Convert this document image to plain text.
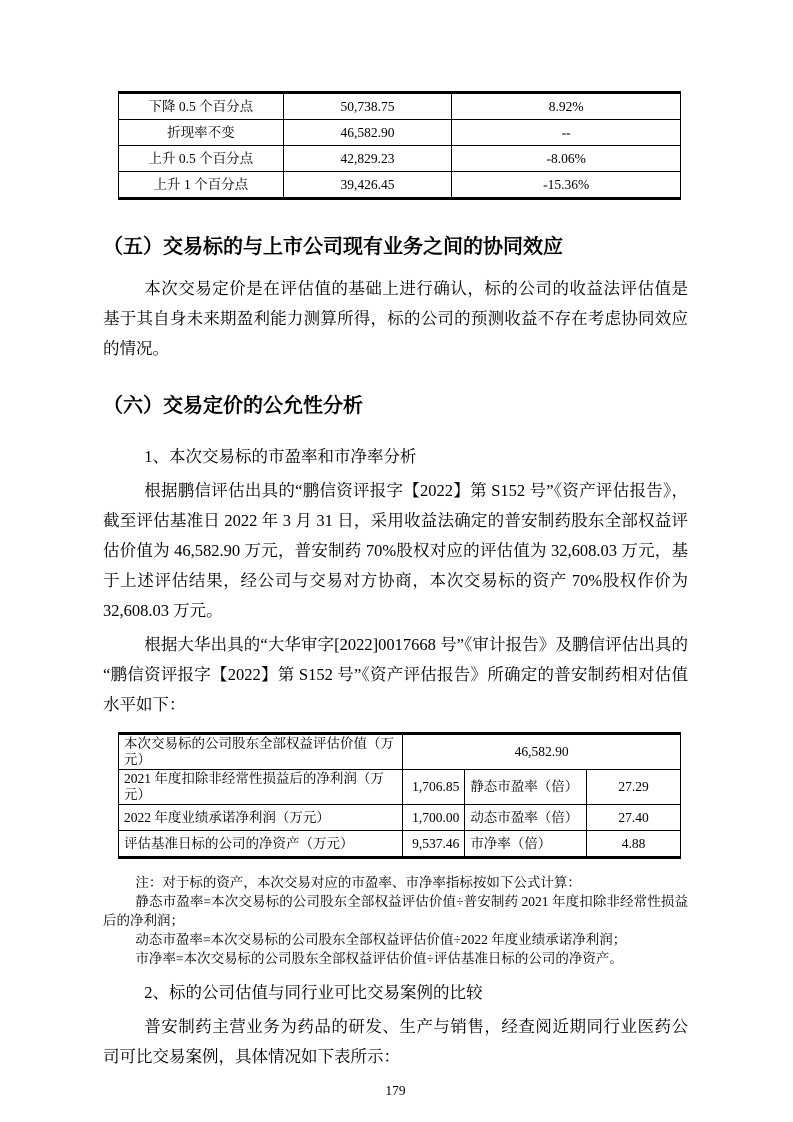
下降 0.5 个百分点	50,738.75	8.92%
折现率不变	46,582.90	--
上升 0.5 个百分点	42,829.23	-8.06%
上升 1 个百分点	39,426.45	-15.36%
（五）交易标的与上市公司现有业务之间的协同效应

本次交易定价是在评估值的基础上进行确认，标的公司的收益法评估值是基于其自身未来期盈利能力测算所得，标的公司的预测收益不存在考虑协同效应的情况。

（六）交易定价的公允性分析

1、本次交易标的市盈率和市净率分析

根据鹏信评估出具的“鹏信资评报字【2022】第 S152 号”《资产评估报告》，截至评估基准日 2022 年 3 月 31 日，采用收益法确定的普安制药股东全部权益评估价值为 46,582.90 万元，普安制药 70%股权对应的评估值为 32,608.03 万元，基于上述评估结果，经公司与交易对方协商，本次交易标的资产 70%股权作价为 32,608.03 万元。

根据大华出具的“大华审字[2022]0017668 号”《审计报告》及鹏信评估出具的“鹏信资评报字【2022】第 S152 号”《资产评估报告》所确定的普安制药相对估值水平如下：

本次交易标的公司股东全部权益评估价值（万元）	46,582.90		
2021 年度扣除非经常性损益后的净利润（万元）	1,706.85	静态市盈率（倍）	27.29
2022 年度业绩承诺净利润（万元）	1,700.00	动态市盈率（倍）	27.40
评估基准日标的公司的净资产（万元）	9,537.46	市净率（倍）	4.88

注：对于标的资产，本次交易对应的市盈率、市净率指标按如下公式计算：

静态市盈率=本次交易标的公司股东全部权益评估价值÷普安制药 2021 年度扣除非经常性损益后的净利润；

动态市盈率=本次交易标的公司股东全部权益评估价值÷2022 年度业绩承诺净利润；

市净率=本次交易标的公司股东全部权益评估价值÷评估基准日标的公司的净资产。

2、标的公司估值与同行业可比交易案例的比较

普安制药主营业务为药品的研发、生产与销售，经查阅近期同行业医药公司可比交易案例，具体情况如下表所示：

179
